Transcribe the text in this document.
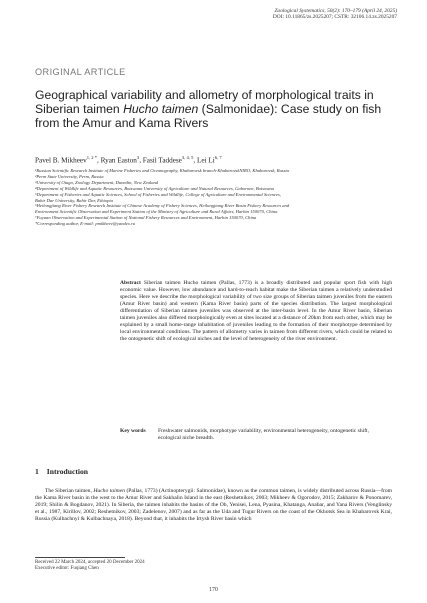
Zoological Systematics, 50(2): 170–179 (April 24, 2025)
DOI: 10.11865/zs.2025207; CSTR: 32106.14.zs.2025207
ORIGINAL ARTICLE
Geographical variability and allometry of morphological traits in Siberian taimen Hucho taimen (Salmonidae): Case study on fish from the Amur and Kama Rivers
Pavel B. Mikheev$^{1, 2 *}$, Ryan Easton$^3$, Fasil Taddese$^{3, 4, 5}$, Lei Li$^{6, 7}$
¹Russian Scientific Research Institute of Marine Fisheries and Oceanography, Khabarovsk branch-KhabarovskNIRO, Khabarovsk, Russia
²Perm State University, Perm, Russia
³University of Otago, Zoology Department, Dunedin, New Zealand
⁴Department of Wildlife and Aquatic Resources, Botswana University of Agriculture and Natural Resources, Gaborone, Botswana
⁵Department of Fisheries and Aquatic Sciences, School of Fisheries and Wildlife, College of Agriculture and Environmental Sciences,
Bahir Dar University, Bahir Dar, Ethiopia
⁶Heilongjiang River Fishery Research Institute of Chinese Academy of Fishery Sciences, Heilongjiang River Basin Fishery Resources and
Environment Scientific Observation and Experiment Station of the Ministry of Agriculture and Rural Affairs, Harbin 150070, China
⁷Fuyuan Observation and Experimental Station of National Fishery Resources and Environment, Harbin 150070, China
*Corresponding author, E-mail: pmikheev@yandex.ru
Abstract Siberian taimen Hucho taimen (Pallas, 1773) is a broadly distributed and popular sport fish with high economic value. However, low abundance and hard-to-reach habitat make the Siberian taimen a relatively understudied species. Here we describe the morphological variability of two size groups of Siberian taimen juveniles from the eastern (Amur River basin) and western (Kama River basin) parts of the species distribution. The largest morphological differentiation of Siberian taimen juveniles was observed at the inter-basin level. In the Amur River basin, Siberian taimen juveniles also differed morphologically even at sites located at a distance of 20km from each other, which may be explained by a small home-range inhabitation of juveniles leading to the formation of their morphotype determined by local environmental conditions. The pattern of allometry varies in taimen from different rivers, which could be related to the ontogenetic shift of ecological niches and the level of heterogeneity of the river environment.
Key words Freshwater salmonids, morphotype variability, environmental heterogeneity, ontogenetic shift, ecological niche breadth.
1 Introduction
The Siberian taimen, Hucho taimen (Pallas, 1773) (Actinopterygii: Salmonidae), known as the common taimen, is widely distributed across Russia—from the Kama River basin in the west to the Amur River and Sakhalin Island in the east (Reshetnikov, 2003; Mikheev & Ogorodov, 2015; Zakharov & Ponomarev, 2019; Shilin & Bogdanov, 2021). In Siberia, the taimen inhabits the basins of the Ob, Yenisei, Lena, Pyasina, Khatanga, Anabar, and Yana Rivers (Venglinsky et al., 1987, Kirillov, 2002; Reshetnikov, 2003; Zadelenov, 2007) and as far as the Uda and Tugur Rivers on the coast of the Okhotsk Sea in Khabarovsk Krai, Russia (Kulbachnyi & Kulbachnaya, 2018). Beyond that, it inhabits the Irtysh River basin which
Received 22 March 2024, accepted 20 December 2024
Executive editor: Fuqiang Chen
170
